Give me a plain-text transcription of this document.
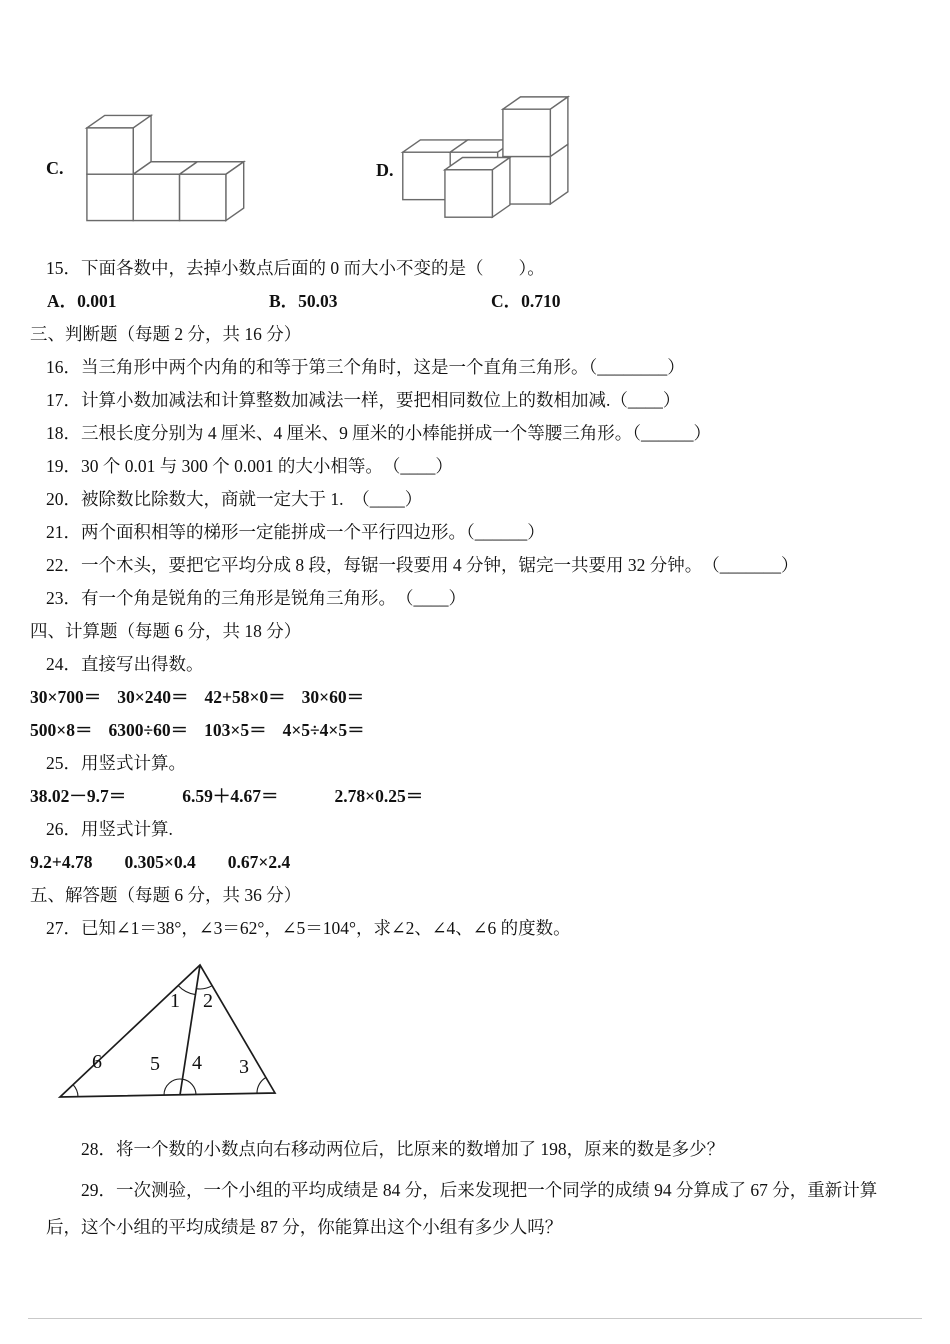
C.	D.

15．下面各数中，去掉小数点后面的 0 而大小不变的是（　　）。

A．0.001	B．50.03	C．0.710

三、判断题（每题 2 分，共 16 分）

16．当三角形中两个内角的和等于第三个角时，这是一个直角三角形。（________）

17．计算小数加减法和计算整数加减法一样，要把相同数位上的数相加减.（____）

18．三根长度分别为 4 厘米、4 厘米、9 厘米的小棒能拼成一个等腰三角形。（______）

19．30 个 0.01 与 300 个 0.001 的大小相等。　（____）

20．被除数比除数大，商就一定大于 1.　（____）

21．两个面积相等的梯形一定能拼成一个平行四边形。（______）

22．一个木头，要把它平均分成 8 段，每锯一段要用 4 分钟，锯完一共要用 32 分钟。　（_______）

23．有一个角是锐角的三角形是锐角三角形。　（____）

四、计算题（每题 6 分，共 18 分）

24．直接写出得数。

30×700＝ 30×240＝ 42+58×0＝ 30×60＝

500×8＝ 6300÷60＝ 103×5＝ 4×5÷4×5＝

25．用竖式计算。

38.02－9.7＝	6.59＋4.67＝	2.78×0.25＝

26．用竖式计算.

9.2+4.78 0.305×0.4 0.67×2.4

五、解答题（每题 6 分，共 36 分）

27．已知∠1＝38°，∠3＝62°，∠5＝104°，求∠2、∠4、∠6 的度数。

1 2
3
4
5
6

28．将一个数的小数点向右移动两位后，比原来的数增加了 198，原来的数是多少？

29．一次测验，一个小组的平均成绩是 84 分，后来发现把一个同学的成绩 94 分算成了 67 分，重新计算后，这个小组的平均成绩是 87 分，你能算出这个小组有多少人吗？
